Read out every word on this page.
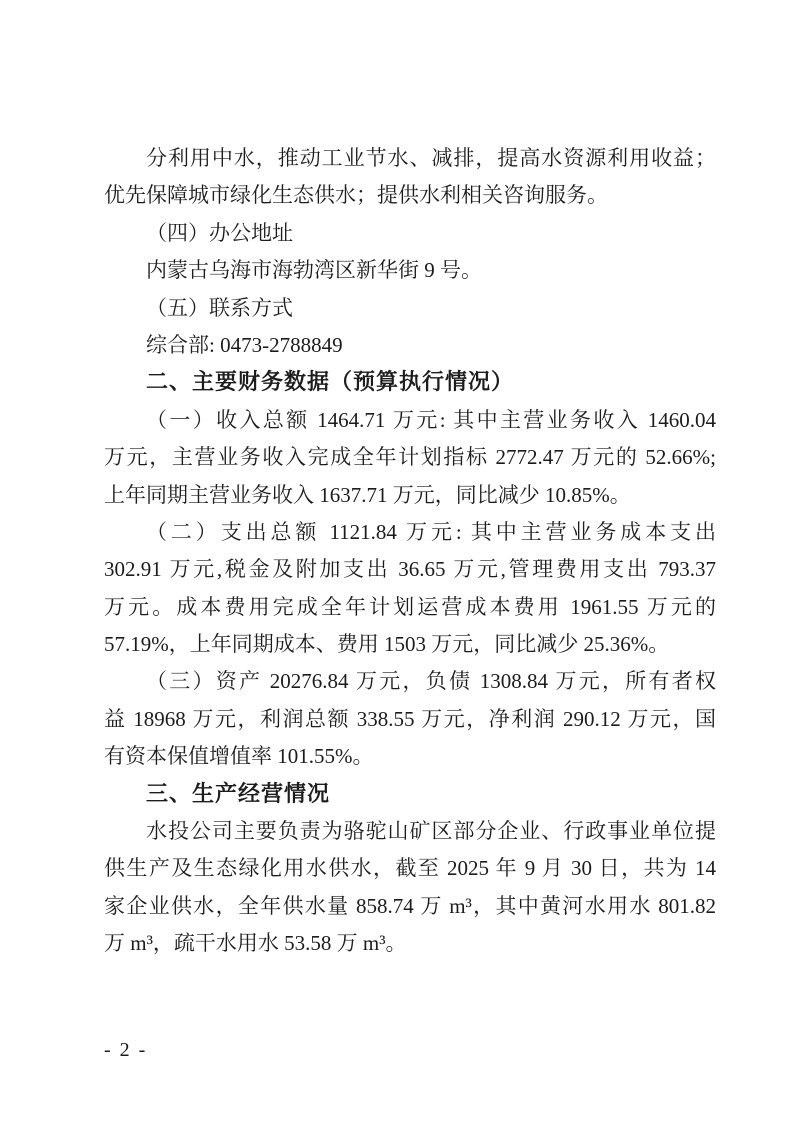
分利用中水，推动工业节水、减排，提高水资源利用收益；
优先保障城市绿化生态供水；提供水利相关咨询服务。
（四）办公地址
内蒙古乌海市海勃湾区新华街 9 号。
（五）联系方式
综合部: 0473-2788849
二、主要财务数据（预算执行情况）
（一）收入总额 1464.71 万元: 其中主营业务收入 1460.04
万元，主营业务收入完成全年计划指标 2772.47 万元的 52.66%;
上年同期主营业务收入 1637.71 万元，同比减少 10.85%。
（二）支出总额 1121.84 万元: 其中主营业务成本支出
302.91 万元,税金及附加支出 36.65 万元,管理费用支出 793.37
万元。成本费用完成全年计划运营成本费用 1961.55 万元的
57.19%，上年同期成本、费用 1503 万元，同比减少 25.36%。
（三）资产 20276.84 万元，负债 1308.84 万元，所有者权
益 18968 万元，利润总额 338.55 万元，净利润 290.12 万元，国
有资本保值增值率 101.55%。
三、生产经营情况
水投公司主要负责为骆驼山矿区部分企业、行政事业单位提
供生产及生态绿化用水供水，截至 2025 年 9 月 30 日，共为 14
家企业供水，全年供水量 858.74 万 m³，其中黄河水用水 801.82
万 m³，疏干水用水 53.58 万 m³。
- 2 -
